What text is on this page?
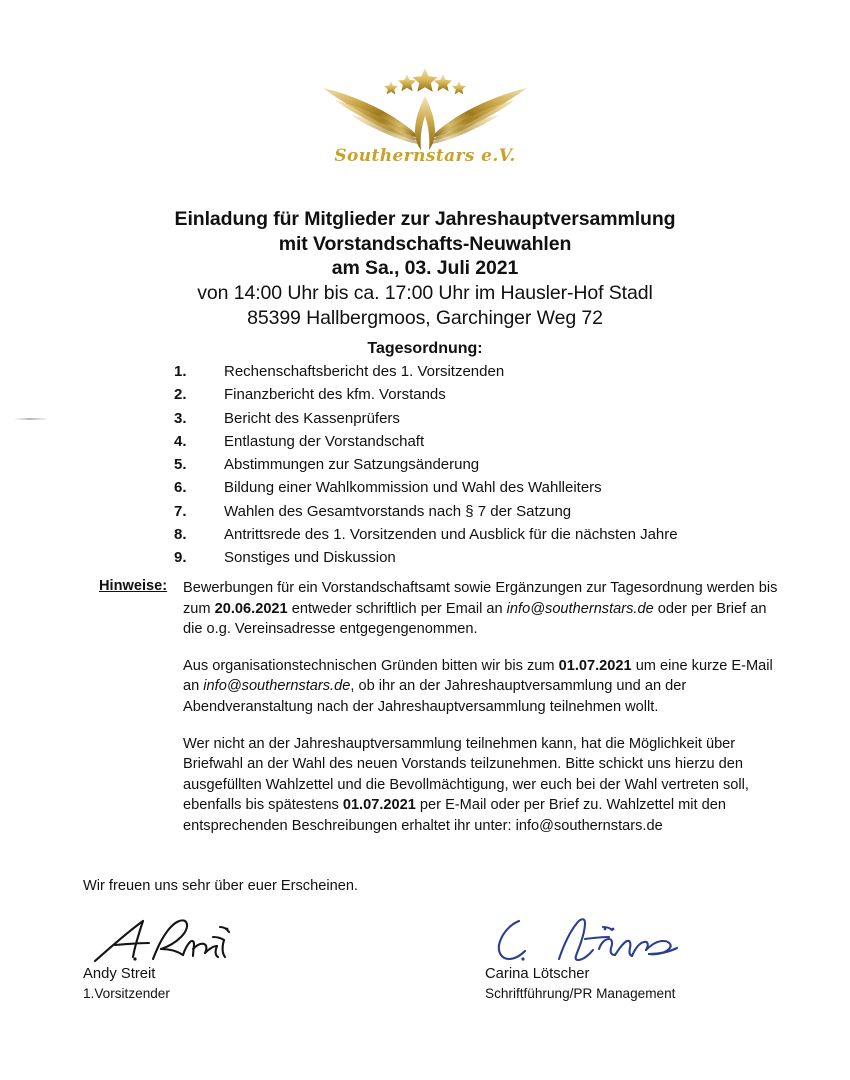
Southernstars e.V.
Einladung für Mitglieder zur Jahreshauptversammlung
mit Vorstandschafts-Neuwahlen
am Sa., 03. Juli 2021
von 14:00 Uhr bis ca. 17:00 Uhr im Hausler-Hof Stadl
85399 Hallbergmoos, Garchinger Weg 72
Tagesordnung:
1.	Rechenschaftsbericht des 1. Vorsitzenden
2.	Finanzbericht des kfm. Vorstands
3.	Bericht des Kassenprüfers
4.	Entlastung der Vorstandschaft
5.	Abstimmungen zur Satzungsänderung
6.	Bildung einer Wahlkommission und Wahl des Wahlleiters
7.	Wahlen des Gesamtvorstands nach § 7 der Satzung
8.	Antrittsrede des 1. Vorsitzenden und Ausblick für die nächsten Jahre
9.	Sonstiges und Diskussion
Hinweise:	Bewerbungen für ein Vorstandschaftsamt sowie Ergänzungen zur Tagesordnung werden bis zum 20.06.2021 entweder schriftlich per Email an info@southernstars.de oder per Brief an die o.g. Vereinsadresse entgegengenommen.

Aus organisationstechnischen Gründen bitten wir bis zum 01.07.2021 um eine kurze E-Mail an info@southernstars.de, ob ihr an der Jahreshauptversammlung und an der Abendveranstaltung nach der Jahreshauptversammlung teilnehmen wollt.

Wer nicht an der Jahreshauptversammlung teilnehmen kann, hat die Möglichkeit über Briefwahl an der Wahl des neuen Vorstands teilzunehmen. Bitte schickt uns hierzu den ausgefüllten Wahlzettel und die Bevollmächtigung, wer euch bei der Wahl vertreten soll, ebenfalls bis spätestens 01.07.2021 per E-Mail oder per Brief zu. Wahlzettel mit den entsprechenden Beschreibungen erhaltet ihr unter: info@southernstars.de

Wir freuen uns sehr über euer Erscheinen.
Andy Streit
1.Vorsitzender
Carina Lötscher
Schriftführung/PR Management
